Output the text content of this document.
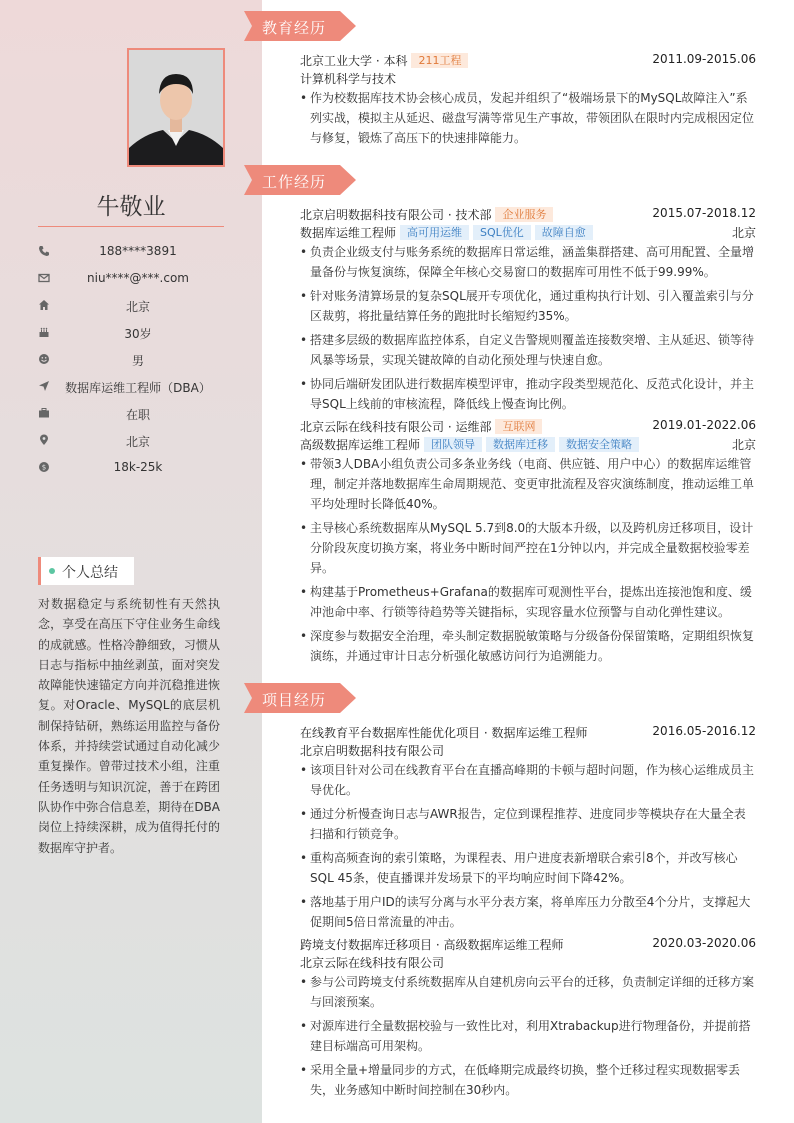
牛敬业
188****3891
niu****@***.com
北京
30岁
男
数据库运维工程师（DBA）
在职
北京
$	18k-25k
个人总结
对数据稳定与系统韧性有天然执念，享受在高压下守住业务生命线的成就感。性格冷静细致，习惯从日志与指标中抽丝剥茧，面对突发故障能快速锚定方向并沉稳推进恢复。对Oracle、MySQL的底层机制保持钻研，熟练运用监控与备份体系，并持续尝试通过自动化减少重复操作。曾带过技术小组，注重任务透明与知识沉淀，善于在跨团队协作中弥合信息差，期待在DBA岗位上持续深耕，成为值得托付的数据库守护者。
教育经历
北京工业大学 · 本科 211工程	2011.09-2015.06
计算机科学与技术
• 作为校数据库技术协会核心成员，发起并组织了“极端场景下的MySQL故障注入”系列实战，模拟主从延迟、磁盘写满等常见生产事故，带领团队在限时内完成根因定位与修复，锻炼了高压下的快速排障能力。
工作经历
北京启明数据科技有限公司 · 技术部 企业服务	2015.07-2018.12
数据库运维工程师 高可用运维 SQL优化 故障自愈	北京
• 负责企业级支付与账务系统的数据库日常运维，涵盖集群搭建、高可用配置、全量增量备份与恢复演练，保障全年核心交易窗口的数据库可用性不低于99.99%。
• 针对账务清算场景的复杂SQL展开专项优化，通过重构执行计划、引入覆盖索引与分区裁剪，将批量结算任务的跑批时长缩短约35%。
• 搭建多层级的数据库监控体系，自定义告警规则覆盖连接数突增、主从延迟、锁等待风暴等场景，实现关键故障的自动化预处理与快速自愈。
• 协同后端研发团队进行数据库模型评审，推动字段类型规范化、反范式化设计，并主导SQL上线前的审核流程，降低线上慢查询比例。
北京云际在线科技有限公司 · 运维部 互联网	2019.01-2022.06
高级数据库运维工程师 团队领导 数据库迁移 数据安全策略	北京
• 带领3人DBA小组负责公司多条业务线（电商、供应链、用户中心）的数据库运维管理，制定并落地数据库生命周期规范、变更审批流程及容灾演练制度，推动运维工单平均处理时长降低40%。
• 主导核心系统数据库从MySQL 5.7到8.0的大版本升级，以及跨机房迁移项目，设计分阶段灰度切换方案，将业务中断时间严控在1分钟以内，并完成全量数据校验零差异。
• 构建基于Prometheus+Grafana的数据库可观测性平台，提炼出连接池饱和度、缓冲池命中率、行锁等待趋势等关键指标，实现容量水位预警与自动化弹性建议。
• 深度参与数据安全治理，牵头制定数据脱敏策略与分级备份保留策略，定期组织恢复演练，并通过审计日志分析强化敏感访问行为追溯能力。
项目经历
在线教育平台数据库性能优化项目 · 数据库运维工程师	2016.05-2016.12
北京启明数据科技有限公司
• 该项目针对公司在线教育平台在直播高峰期的卡顿与超时问题，作为核心运维成员主导优化。
• 通过分析慢查询日志与AWR报告，定位到课程推荐、进度同步等模块存在大量全表扫描和行锁竞争。
• 重构高频查询的索引策略，为课程表、用户进度表新增联合索引8个，并改写核心SQL 45条，使直播课并发场景下的平均响应时间下降42%。
• 落地基于用户ID的读写分离与水平分表方案，将单库压力分散至4个分片，支撑起大促期间5倍日常流量的冲击。
跨境支付数据库迁移项目 · 高级数据库运维工程师	2020.03-2020.06
北京云际在线科技有限公司
• 参与公司跨境支付系统数据库从自建机房向云平台的迁移，负责制定详细的迁移方案与回滚预案。
• 对源库进行全量数据校验与一致性比对，利用Xtrabackup进行物理备份，并提前搭建目标端高可用架构。
• 采用全量+增量同步的方式，在低峰期完成最终切换，整个迁移过程实现数据零丢失，业务感知中断时间控制在30秒内。
